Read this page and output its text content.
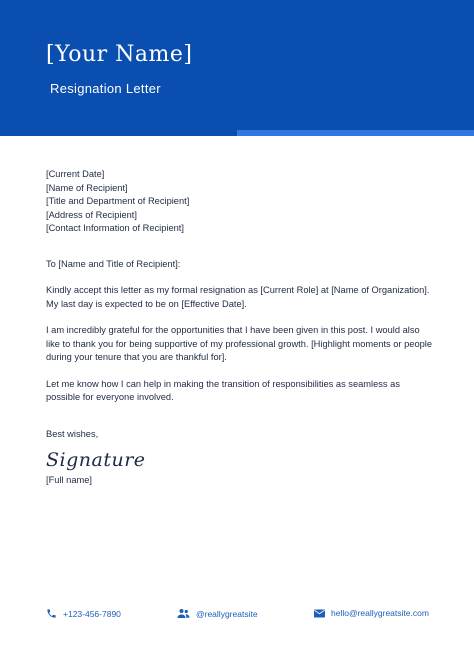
[Your Name]
Resignation Letter
[Current Date]
[Name of Recipient]
[Title and Department of Recipient]
[Address of Recipient]
[Contact Information of Recipient]
To [Name and Title of Recipient]:
Kindly accept this letter as my formal resignation as [Current Role] at [Name of Organization]. My last day is expected to be on [Effective Date].
I am incredibly grateful for the opportunities that I have been given in this post. I would also like to thank you for being supportive of my professional growth. [Highlight moments or people during your tenure that you are thankful for].
Let me know how I can help in making the transition of responsibilities as seamless as possible for everyone involved.
Best wishes,
Signature
[Full name]
+123-456-7890	@reallygreatsite	hello@reallygreatsite.com
